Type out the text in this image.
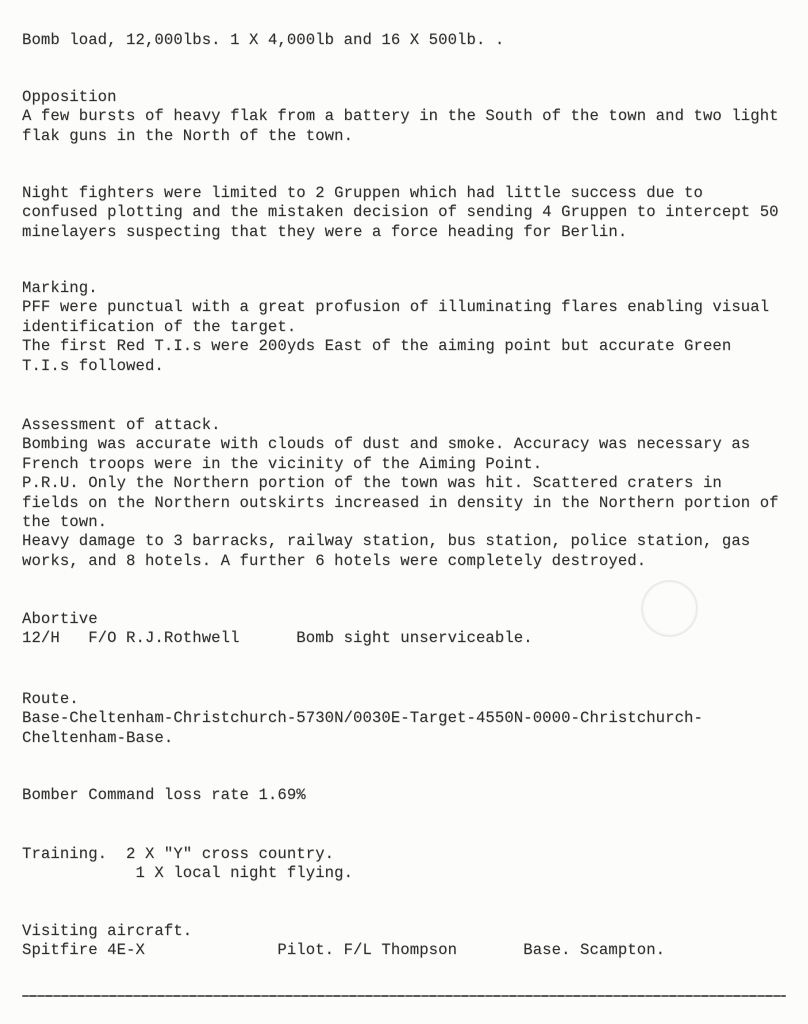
Bomb load, 12,000lbs. 1 X 4,000lb and 16 X 500lb. .
Opposition
A few bursts of heavy flak from a battery in the South of the town and two light
flak guns in the North of the town.
Night fighters were limited to 2 Gruppen which had little success due to
confused plotting and the mistaken decision of sending 4 Gruppen to intercept 50
minelayers suspecting that they were a force heading for Berlin.
Marking.
PFF were punctual with a great profusion of illuminating flares enabling visual
identification of the target.
The first Red T.I.s were 200yds East of the aiming point but accurate Green
T.I.s followed.
Assessment of attack.
Bombing was accurate with clouds of dust and smoke. Accuracy was necessary as
French troops were in the vicinity of the Aiming Point.
P.R.U. Only the Northern portion of the town was hit. Scattered craters in
fields on the Northern outskirts increased in density in the Northern portion of
the town.
Heavy damage to 3 barracks, railway station, bus station, police station, gas
works, and 8 hotels. A further 6 hotels were completely destroyed.
Abortive
12/H   F/O R.J.Rothwell      Bomb sight unserviceable.
Route.
Base-Cheltenham-Christchurch-5730N/0030E-Target-4550N-0000-Christchurch-
Cheltenham-Base.
Bomber Command loss rate 1.69%
Training.  2 X "Y" cross country.
1 X local night flying.
Visiting aircraft.
Spitfire 4E-X              Pilot. F/L Thompson       Base. Scampton.
